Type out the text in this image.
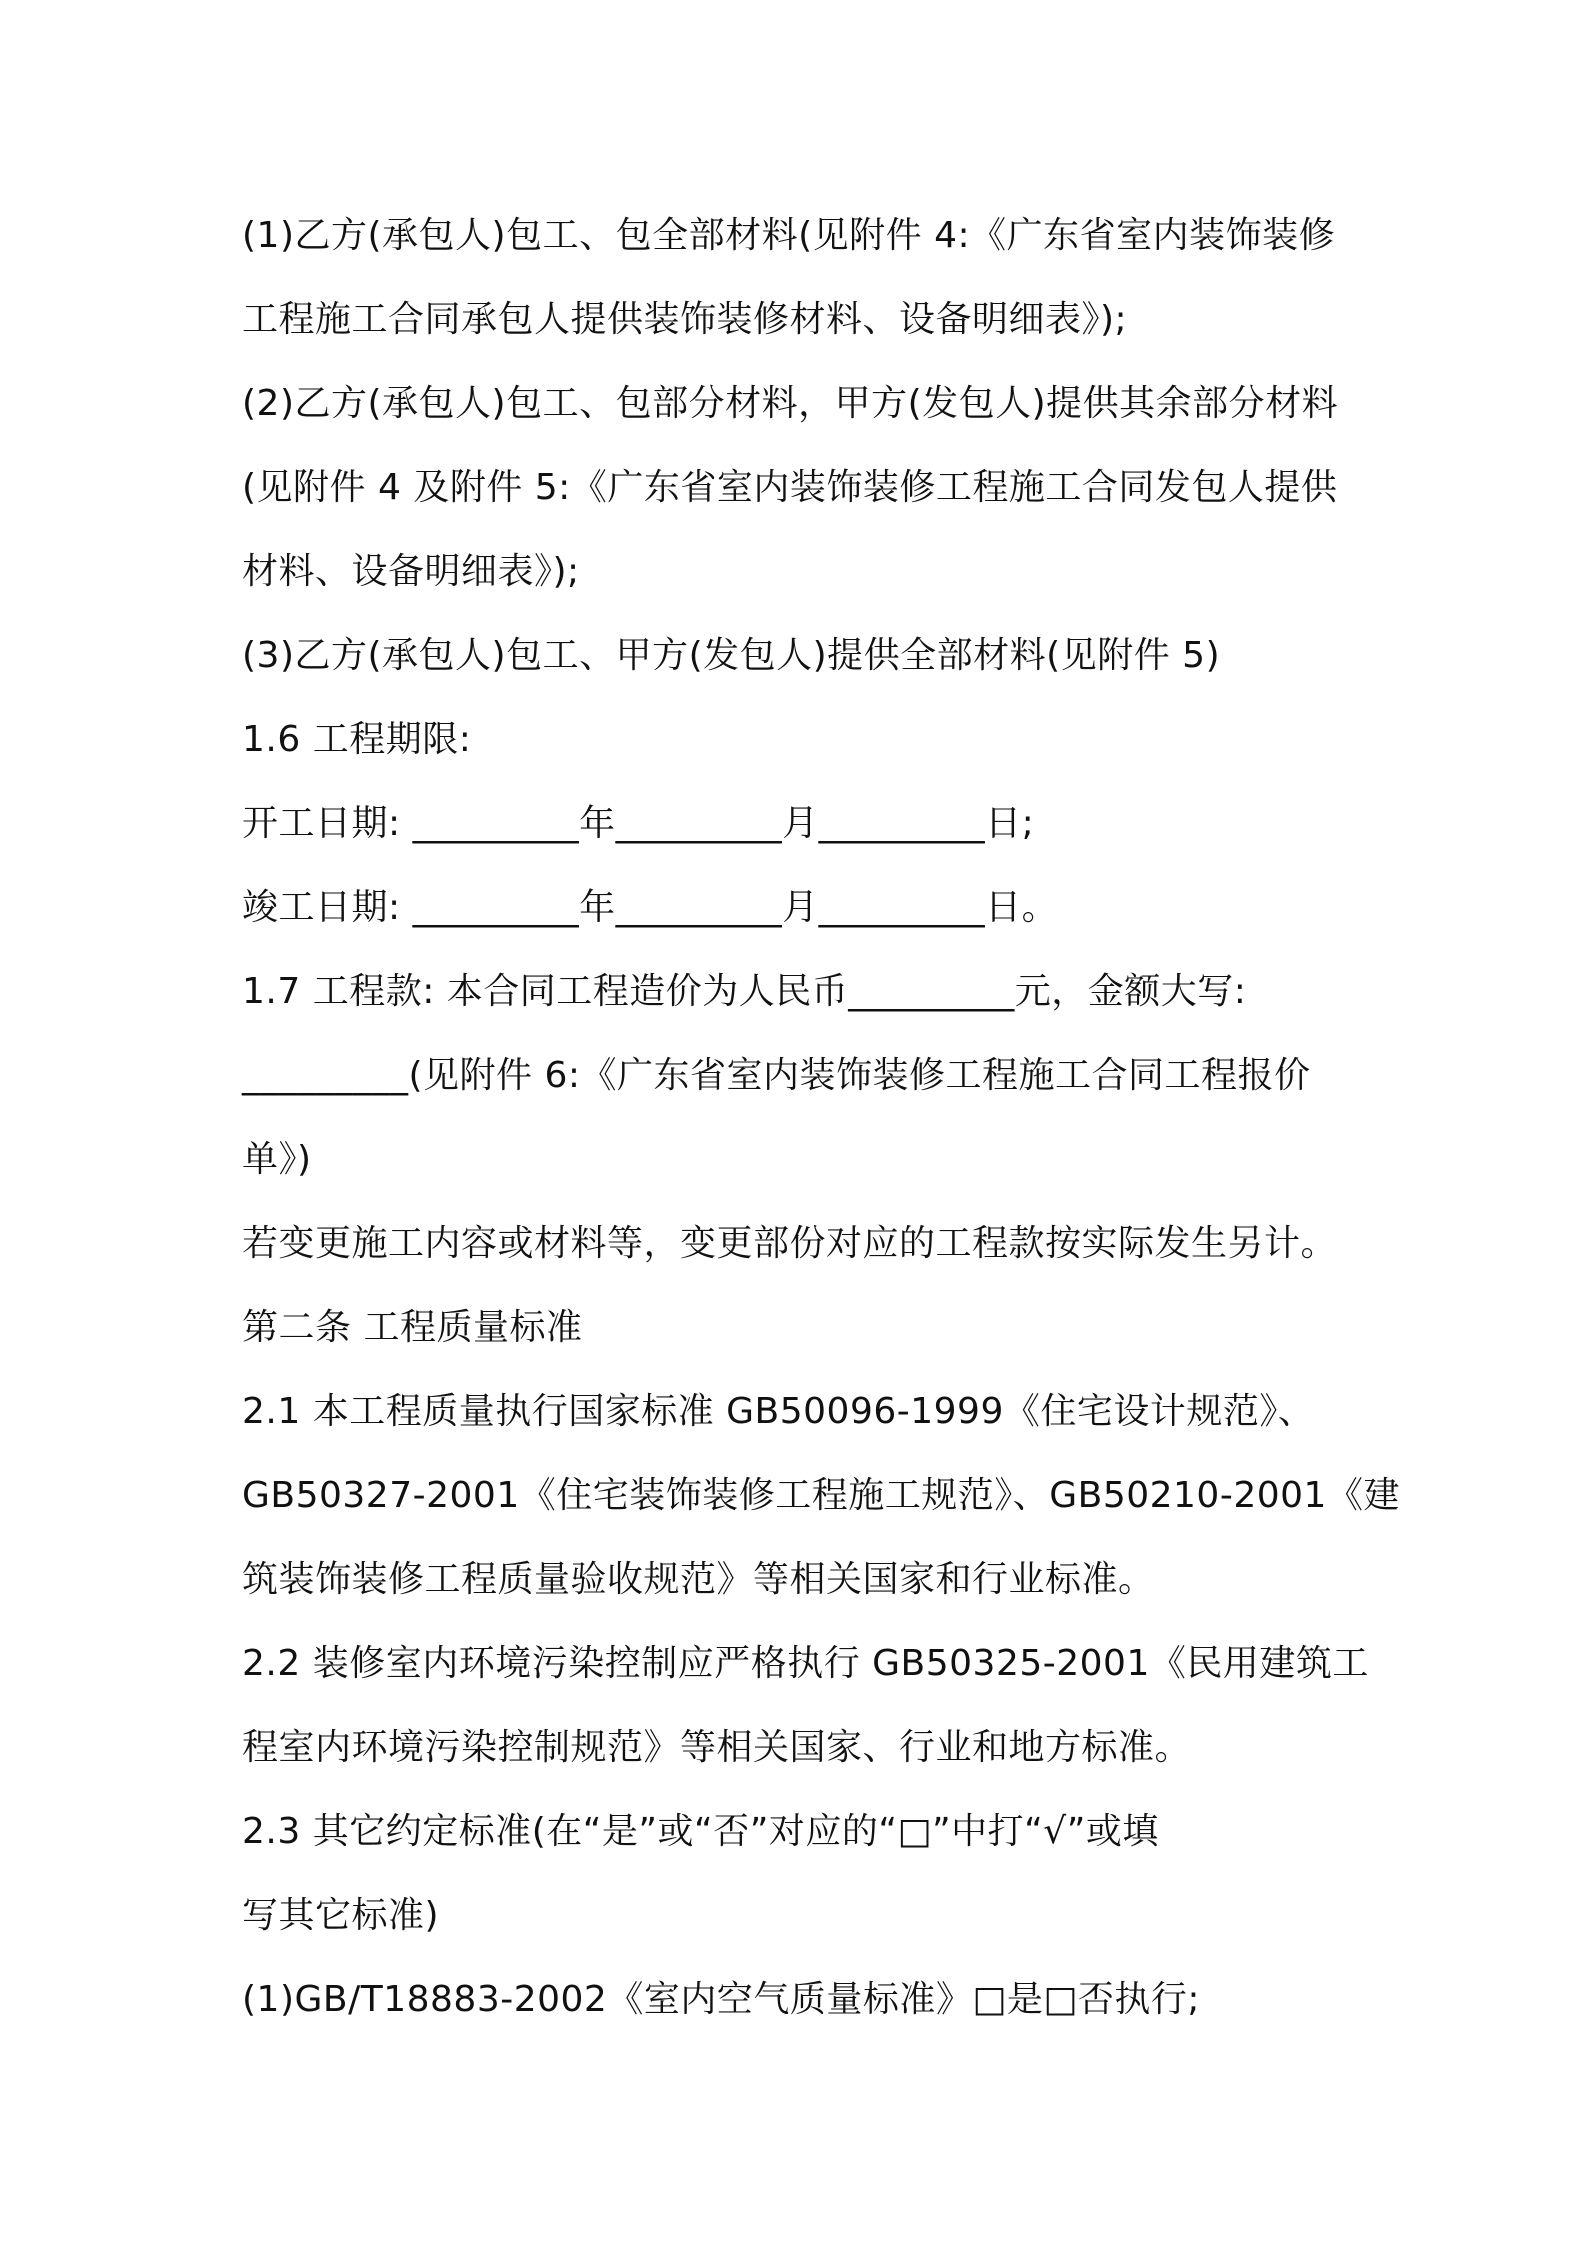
(1)乙方(承包人)包工、包全部材料(见附件 4:《广东省室内装饰装修
工程施工合同承包人提供装饰装修材料、设备明细表》);
(2)乙方(承包人)包工、包部分材料，甲方(发包人)提供其余部分材料
(见附件 4 及附件 5:《广东省室内装饰装修工程施工合同发包人提供
材料、设备明细表》);
(3)乙方(承包人)包工、甲方(发包人)提供全部材料(见附件 5)
1.6 工程期限:
开工日期: _________年_________月_________日;
竣工日期: _________年_________月_________日。
1.7 工程款: 本合同工程造价为人民币_________元，金额大写:
_________(见附件 6:《广东省室内装饰装修工程施工合同工程报价
单》)
若变更施工内容或材料等，变更部份对应的工程款按实际发生另计。
第二条 工程质量标准
2.1 本工程质量执行国家标准 GB50096-1999《住宅设计规范》、
GB50327-2001《住宅装饰装修工程施工规范》、GB50210-2001《建
筑装饰装修工程质量验收规范》等相关国家和行业标准。
2.2 装修室内环境污染控制应严格执行 GB50325-2001《民用建筑工
程室内环境污染控制规范》等相关国家、行业和地方标准。
2.3 其它约定标准(在“是”或“否”对应的“□”中打“√”或填
写其它标准)
(1)GB/T18883-2002《室内空气质量标准》□是□否执行;
